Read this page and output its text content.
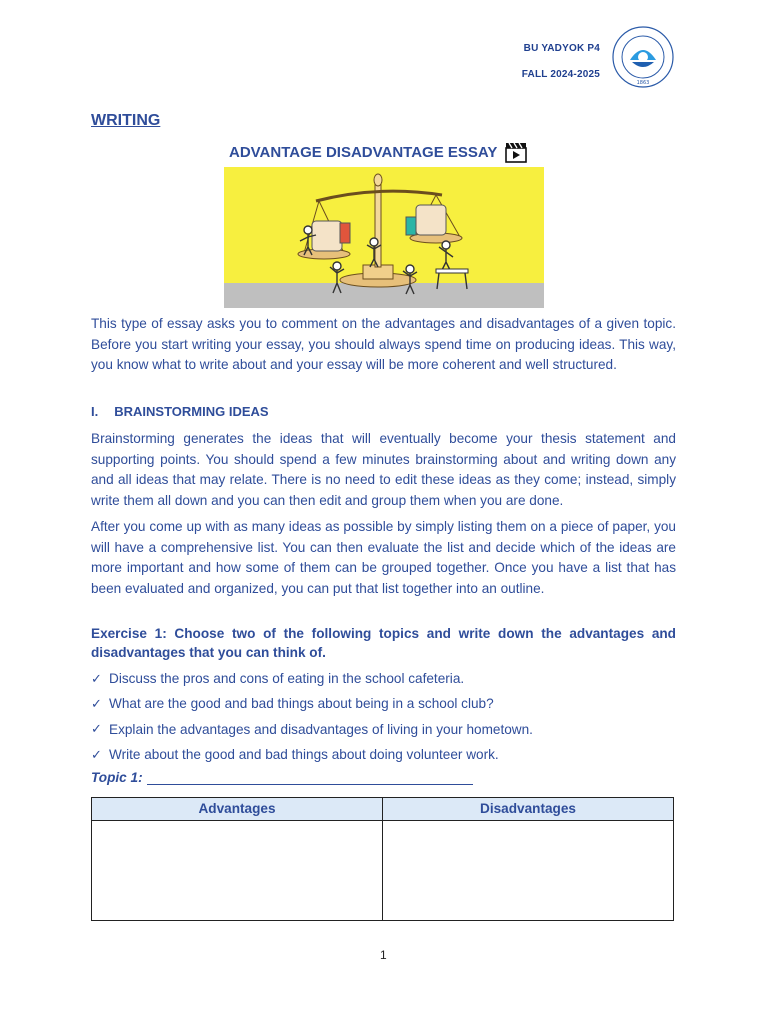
BU YADYOK P4
FALL 2024-2025
1863
WRITING
ADVANTAGE DISADVANTAGE ESSAY

This type of essay asks you to comment on the advantages and disadvantages of a given topic. Before you start writing your essay, you should always spend time on producing ideas. This way, you know what to write about and your essay will be more coherent and well structured.

I. BRAINSTORMING IDEAS

Brainstorming generates the ideas that will eventually become your thesis statement and supporting points. You should spend a few minutes brainstorming about and writing down any and all ideas that may relate. There is no need to edit these ideas as they come; instead, simply write them all down and you can then edit and group them when you are done.

After you come up with as many ideas as possible by simply listing them on a piece of paper, you will have a comprehensive list. You can then evaluate the list and decide which of the ideas are more important and how some of them can be grouped together. Once you have a list that has been evaluated and organized, you can put that list together into an outline.

Exercise 1: Choose two of the following topics and write down the advantages and disadvantages that you can think of.
✓ Discuss the pros and cons of eating in the school cafeteria.
✓ What are the good and bad things about being in a school club?
✓ Explain the advantages and disadvantages of living in your hometown.
✓ Write about the good and bad things about doing volunteer work.
Topic 1:
Advantages	Disadvantages
1
